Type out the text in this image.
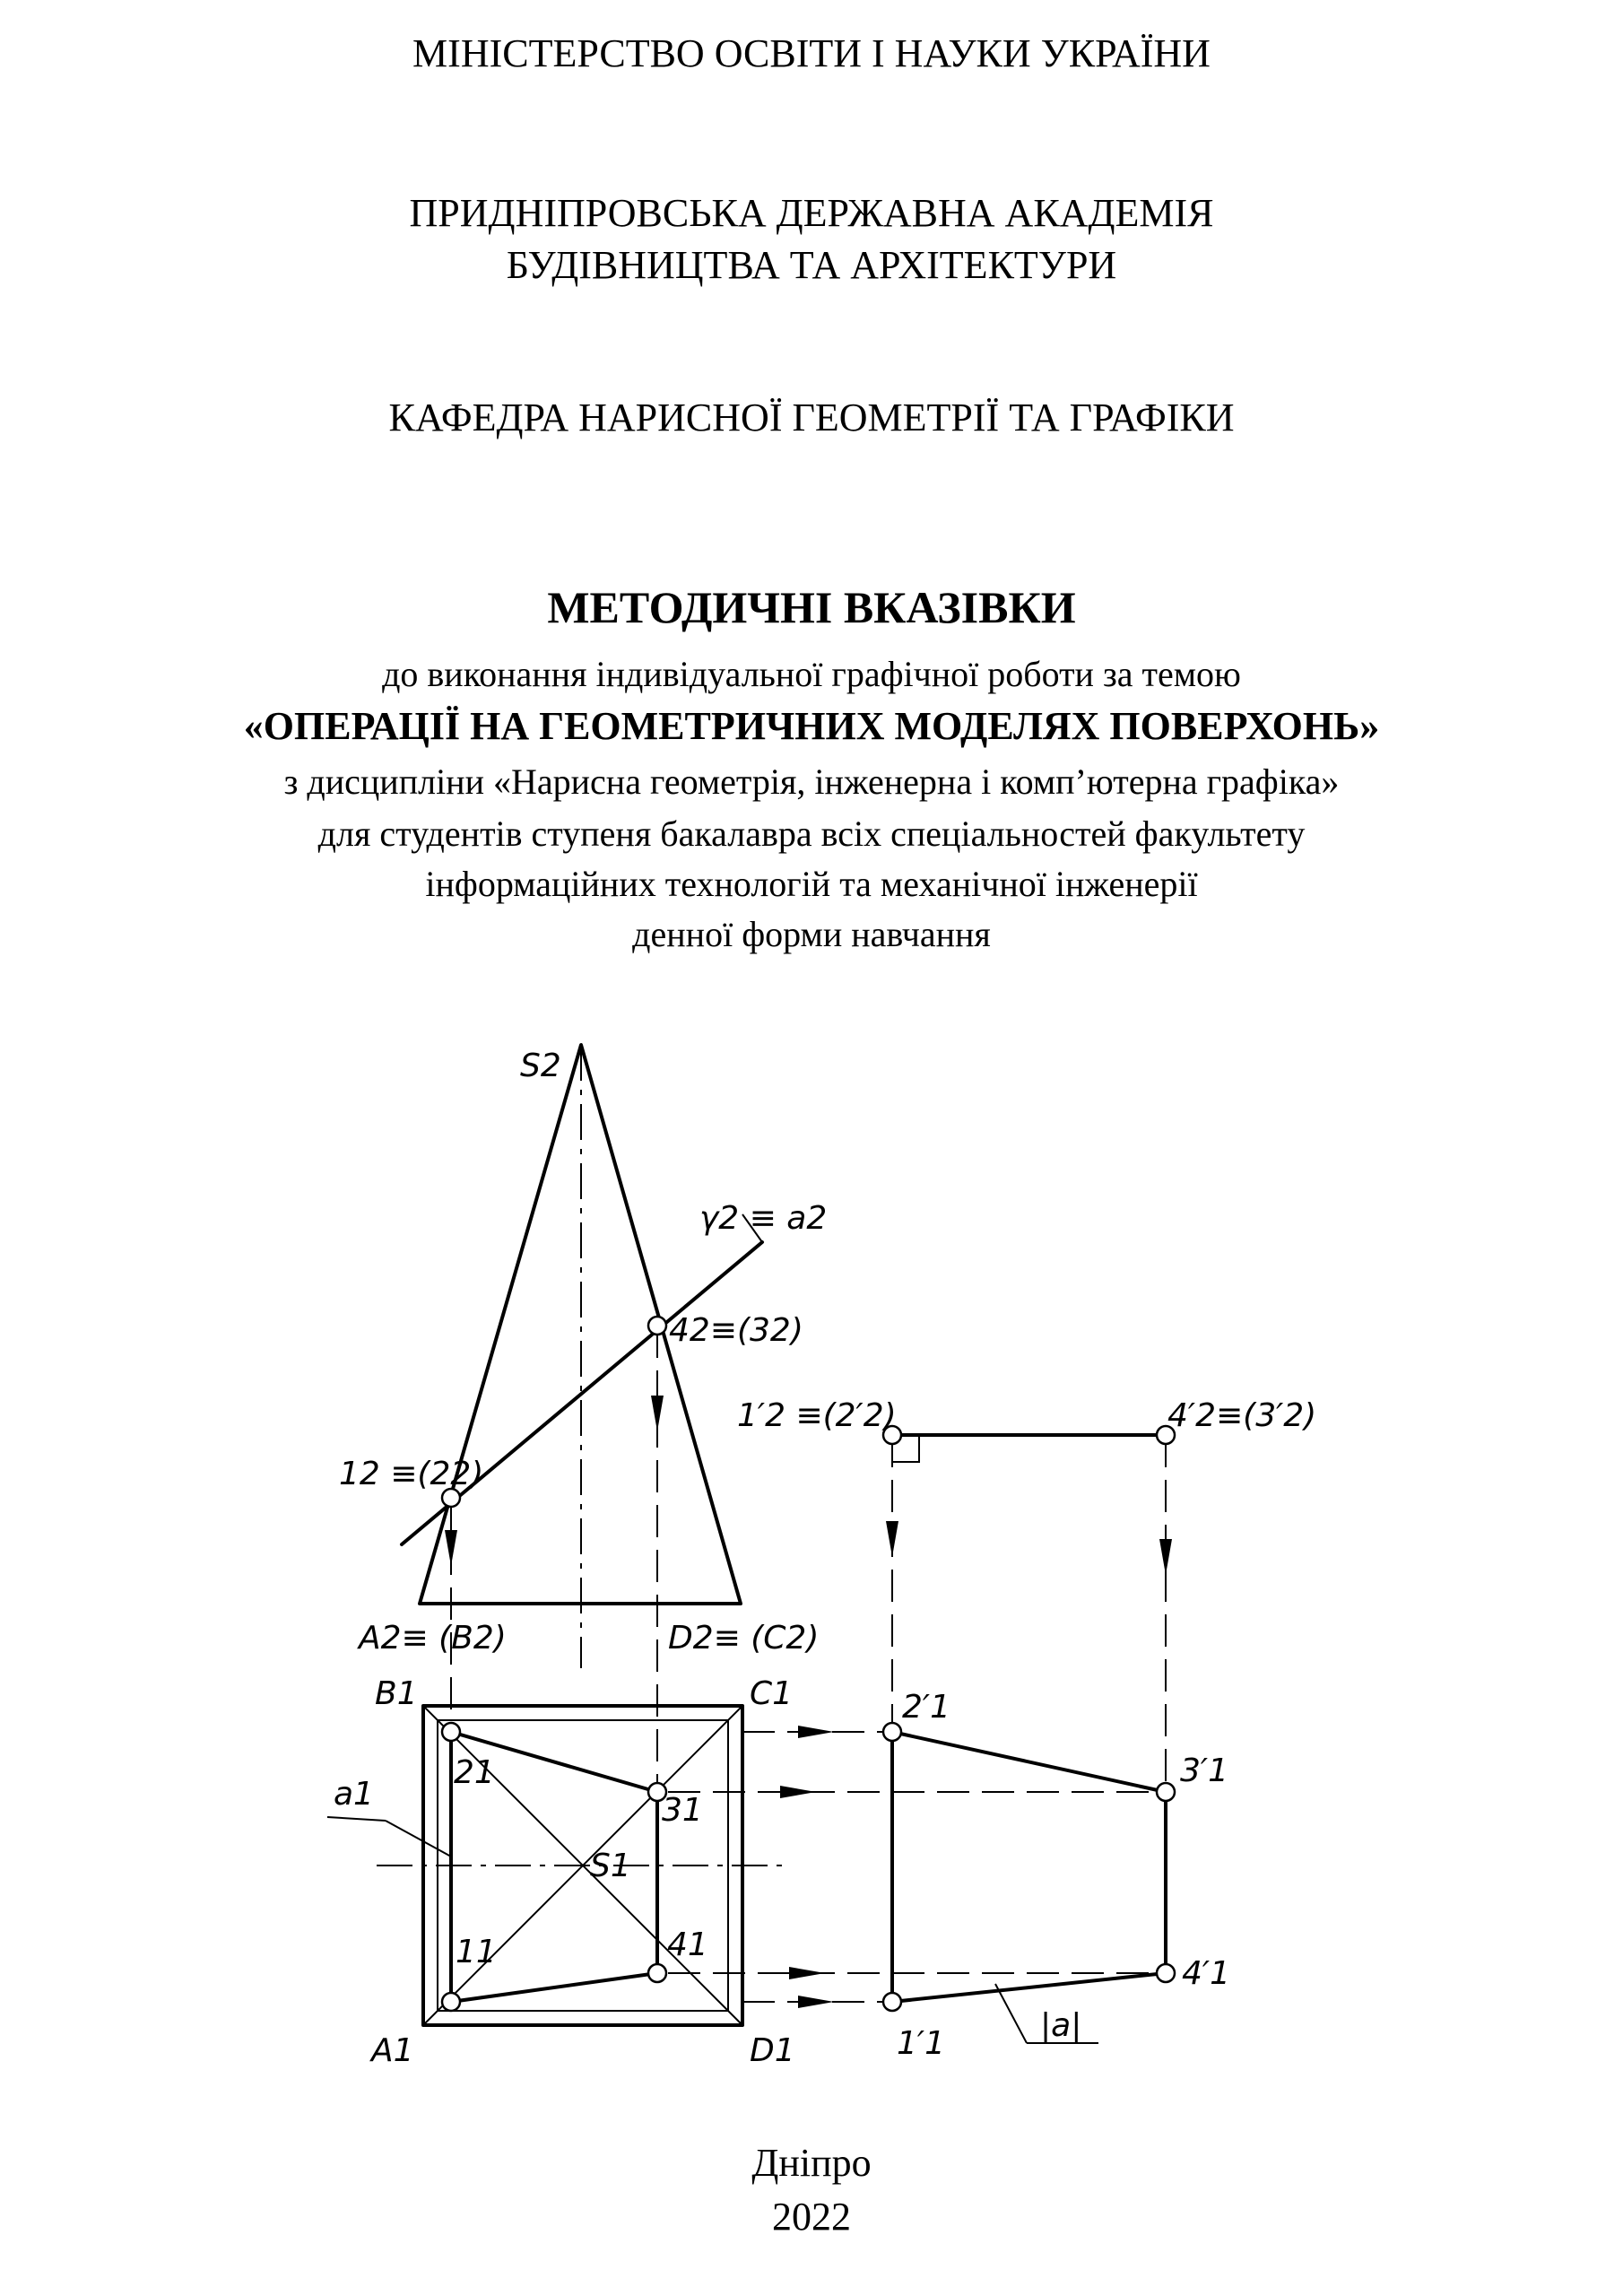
МІНІСТЕРСТВО ОСВІТИ І НАУКИ УКРАЇНИ
ПРИДНІПРОВСЬКА ДЕРЖАВНА АКАДЕМІЯ
БУДІВНИЦТВА ТА АРХІТЕКТУРИ
КАФЕДРА НАРИСНОЇ ГЕОМЕТРІЇ ТА ГРАФІКИ
МЕТОДИЧНІ ВКАЗІВКИ
до виконання індивідуальної графічної роботи за темою
«ОПЕРАЦІЇ НА ГЕОМЕТРИЧНИХ МОДЕЛЯХ ПОВЕРХОНЬ»
з дисципліни «Нарисна геометрія, інженерна і комп’ютерна графіка»
для студентів ступеня бакалавра всіх спеціальностей факультету
інформаційних технологій та механічної інженерії
денної форми навчання
S2
γ2 ≡ a2
42≡(32)
12 ≡(22)
A2≡ (B2)	D2≡ (C2)
B1	C1
a1
21
31
S1
11	41
A1	D1
1′2 ≡(2′2)	4′2≡(3′2)
2′1
3′1
4′1
1′1	|a|
Дніпро
2022
